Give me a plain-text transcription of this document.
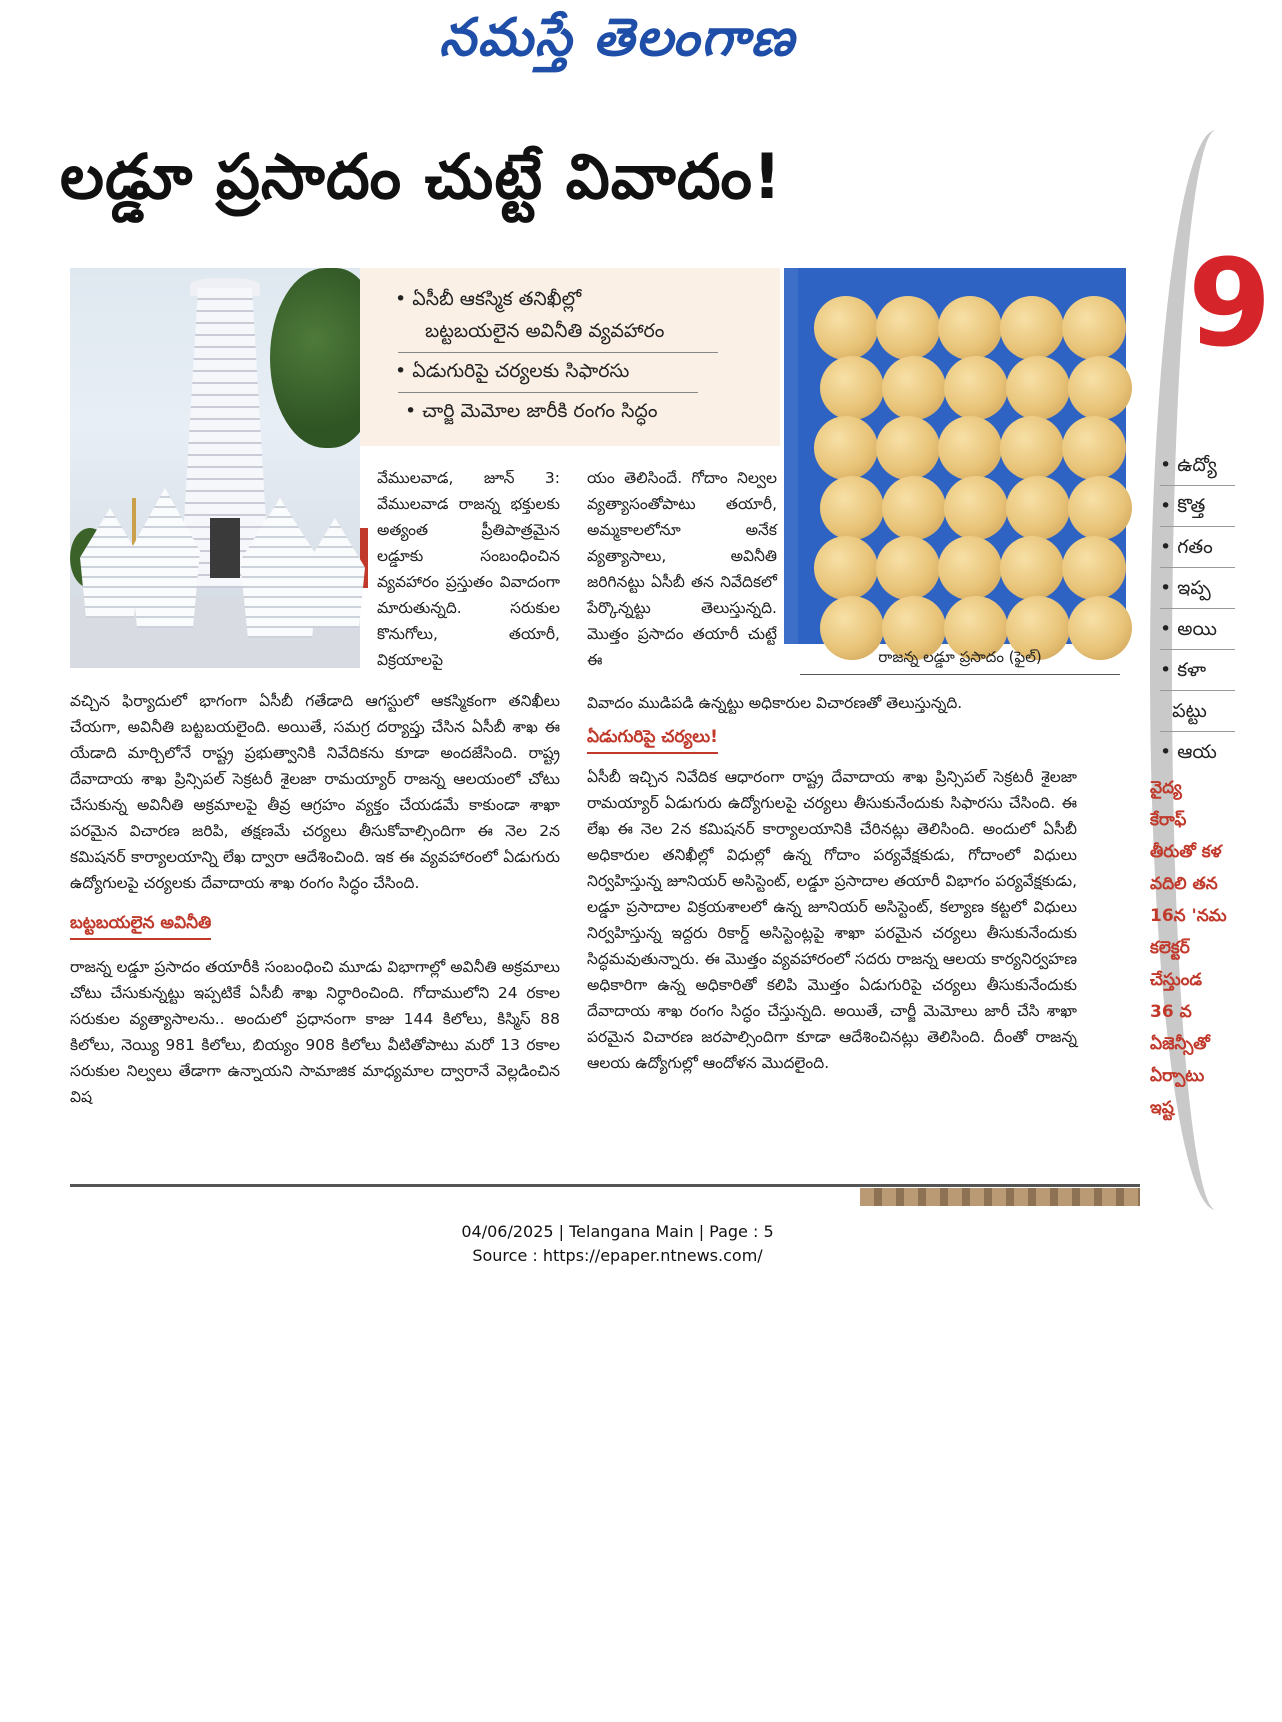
నమస్తే తెలంగాణ
లడ్డూ ప్రసాదం చుట్టే వివాదం!
• ఏసీబీ ఆకస్మిక తనిఖీల్లో
బట్టబయలైన అవినీతి వ్యవహారం
• ఏడుగురిపై చర్యలకు సిఫారసు
• చార్జి మెమోల జారీకి రంగం సిద్ధం
రాజన్న లడ్డూ ప్రసాదం (ఫైల్)

వేములవాడ, జూన్ 3: వేములవాడ రాజన్న భక్తులకు అత్యంత ప్రీతిపాత్రమైన లడ్డూకు సంబంధించిన వ్యవహారం ప్రస్తుతం వివాదంగా మారుతున్నది. సరుకుల కొనుగోలు, తయారీ, విక్రయాలపై

యం తెలిసిందే. గోదాం నిల్వల వ్యత్యాసంతోపాటు తయారీ, అమ్మకాలలోనూ అనేక వ్యత్యాసాలు, అవినీతి జరిగినట్టు ఏసీబీ తన నివేదికలో పేర్కొన్నట్టు తెలుస్తున్నది. మొత్తం ప్రసాదం తయారీ చుట్టే ఈ

వచ్చిన ఫిర్యాదులో భాగంగా ఏసీబీ గతేడాది ఆగస్టులో ఆకస్మికంగా తనిఖీలు చేయగా, అవినీతి బట్టబయలైంది. అయితే, సమగ్ర దర్యాప్తు చేసిన ఏసీబీ శాఖ ఈ యేడాది మార్చిలోనే రాష్ట్ర ప్రభుత్వానికి నివేదికను కూడా అందజేసింది. రాష్ట్ర దేవాదాయ శాఖ ప్రిన్సిపల్ సెక్రటరీ శైలజా రామయ్యార్ రాజన్న ఆలయంలో చోటు చేసుకున్న అవినీతి అక్రమాలపై తీవ్ర ఆగ్రహం వ్యక్తం చేయడమే కాకుండా శాఖా పరమైన విచారణ జరిపి, తక్షణమే చర్యలు తీసుకోవాల్సిందిగా ఈ నెల 2న కమిషనర్ కార్యాలయాన్ని లేఖ ద్వారా ఆదేశించింది. ఇక ఈ వ్యవహారంలో ఏడుగురు ఉద్యోగులపై చర్యలకు దేవాదాయ శాఖ రంగం సిద్ధం చేసింది.

బట్టబయలైన అవినీతి

రాజన్న లడ్డూ ప్రసాదం తయారీకి సంబంధించి మూడు విభాగాల్లో అవినీతి అక్రమాలు చోటు చేసుకున్నట్టు ఇప్పటికే ఏసీబీ శాఖ నిర్ధారించింది. గోదాములోని 24 రకాల సరుకుల వ్యత్యాసాలను.. అందులో ప్రధానంగా కాజు 144 కిలోలు, కిస్మిస్ 88 కిలోలు, నెయ్యి 981 కిలోలు, బియ్యం 908 కిలోలు వీటితోపాటు మరో 13 రకాల సరుకుల నిల్వలు తేడాగా ఉన్నాయని సామాజిక మాధ్యమాల ద్వారానే వెల్లడించిన విష

వివాదం ముడిపడి ఉన్నట్టు అధికారుల విచారణతో తెలుస్తున్నది.

ఏడుగురిపై చర్యలు!

ఏసీబీ ఇచ్చిన నివేదిక ఆధారంగా రాష్ట్ర దేవాదాయ శాఖ ప్రిన్సిపల్ సెక్రటరీ శైలజా రామయ్యార్ ఏడుగురు ఉద్యోగులపై చర్యలు తీసుకునేందుకు సిఫారసు చేసింది. ఈ లేఖ ఈ నెల 2న కమిషనర్ కార్యాలయానికి చేరినట్లు తెలిసింది. అందులో ఏసీబీ అధికారుల తనిఖీల్లో విధుల్లో ఉన్న గోదాం పర్యవేక్షకుడు, గోదాంలో విధులు నిర్వహిస్తున్న జూనియర్ అసిస్టెంట్, లడ్డూ ప్రసాదాల తయారీ విభాగం పర్యవేక్షకుడు, లడ్డూ ప్రసాదాల విక్రయశాలలో ఉన్న జూనియర్ అసిస్టెంట్, కల్యాణ కట్టలో విధులు నిర్వహిస్తున్న ఇద్దరు రికార్డ్ అసిస్టెంట్లపై శాఖా పరమైన చర్యలు తీసుకునేందుకు సిద్ధమవుతున్నారు. ఈ మొత్తం వ్యవహారంలో సదరు రాజన్న ఆలయ కార్యనిర్వహణ అధికారిగా ఉన్న అధికారితో కలిపి మొత్తం ఏడుగురిపై చర్యలు తీసుకునేందుకు దేవాదాయ శాఖ రంగం సిద్ధం చేస్తున్నది. అయితే, చార్జీ మెమోలు జారీ చేసి శాఖా పరమైన విచారణ జరపాల్సిందిగా కూడా ఆదేశించినట్లు తెలిసింది. దీంతో రాజన్న ఆలయ ఉద్యోగుల్లో ఆందోళన మొదలైంది.

9
• ఉద్యో
• కొత్త
• గతం
• ఇప్ప
• అయి
• కళా
పట్టు
• ఆయ
వైద్య
కేరాఫ్
తీరుతో కళ
వదిలి తన
16న 'నమ
కలెక్టర్
చేస్తుండ
36 వ
ఏజెన్సీతో
ఏర్పాటు
ఇష్ట
04/06/2025 | Telangana Main | Page : 5
Source : https://epaper.ntnews.com/
